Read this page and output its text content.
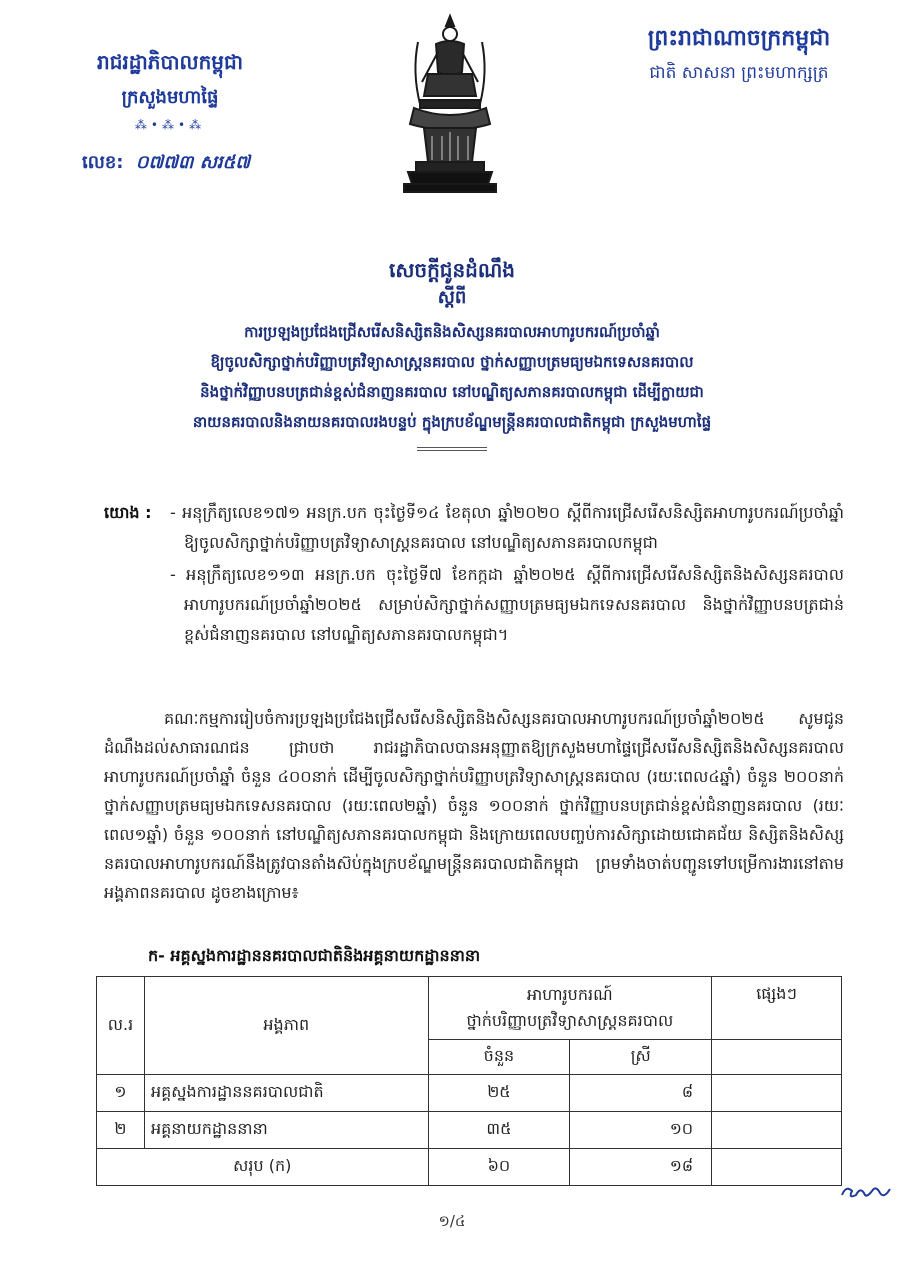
ព្រះរាជាណាចក្រកម្ពុជា
ជាតិ សាសនា ព្រះមហាក្សត្រ
រាជរដ្ឋាភិបាលកម្ពុជា
ក្រសួងមហាផ្ទៃ
⁂•⁂•⁂
លេខ: ០៧៧៣ សរ៥៧
សេចក្ដីជូនដំណឹង
ស្ដីពី
ការប្រឡងប្រជែងជ្រើសរើសនិស្សិតនិងសិស្សនគរបាលអាហារូបករណ៍ប្រចាំឆ្នាំ
ឱ្យចូលសិក្សាថ្នាក់បរិញ្ញាបត្រវិទ្យាសាស្ត្រនគរបាល ថ្នាក់សញ្ញាបត្រមធ្យមឯកទេសនគរបាល
និងថ្នាក់វិញ្ញាបនបត្រជាន់ខ្ពស់ជំនាញនគរបាល នៅបណ្ឌិត្យសភានគរបាលកម្ពុជា ដើម្បីក្លាយជា
នាយនគរបាលនិងនាយនគរបាលរងបន្ទប់ ក្នុងក្របខ័ណ្ឌមន្ត្រីនគរបាលជាតិកម្ពុជា ក្រសួងមហាផ្ទៃ
យោង :	- អនុក្រឹត្យលេខ១៧១ អនក្រ.បក ចុះថ្ងៃទី១៤ ខែតុលា ឆ្នាំ២០២០ ស្ដីពីការជ្រើសរើសនិស្សិតអាហារូបករណ៍ប្រចាំឆ្នាំ ឱ្យចូលសិក្សាថ្នាក់បរិញ្ញាបត្រវិទ្យាសាស្ត្រនគរបាល នៅបណ្ឌិត្យសភានគរបាលកម្ពុជា
- អនុក្រឹត្យលេខ១១៣ អនក្រ.បក ចុះថ្ងៃទី៧ ខែកក្កដា ឆ្នាំ២០២៥ ស្ដីពីការជ្រើសរើសនិស្សិតនិងសិស្សនគរបាលអាហារូបករណ៍ប្រចាំឆ្នាំ២០២៥ សម្រាប់សិក្សាថ្នាក់សញ្ញាបត្រមធ្យមឯកទេសនគរបាល និងថ្នាក់វិញ្ញាបនបត្រជាន់ខ្ពស់ជំនាញនគរបាល នៅបណ្ឌិត្យសភានគរបាលកម្ពុជា។
គណៈកម្មការរៀបចំការប្រឡងប្រជែងជ្រើសរើសនិស្សិតនិងសិស្សនគរបាលអាហារូបករណ៍ប្រចាំឆ្នាំ២០២៥ សូមជូនដំណឹងដល់សាធារណជន ជ្រាបថា រាជរដ្ឋាភិបាលបានអនុញ្ញាតឱ្យក្រសួងមហាផ្ទៃជ្រើសរើសនិស្សិតនិងសិស្សនគរបាលអាហារូបករណ៍ប្រចាំឆ្នាំ ចំនួន ៤០០នាក់ ដើម្បីចូលសិក្សាថ្នាក់បរិញ្ញាបត្រវិទ្យាសាស្ត្រនគរបាល (រយៈពេល៤ឆ្នាំ) ចំនួន ២០០នាក់ ថ្នាក់សញ្ញាបត្រមធ្យមឯកទេសនគរបាល (រយៈពេល២ឆ្នាំ) ចំនួន ១០០នាក់ ថ្នាក់វិញ្ញាបនបត្រជាន់ខ្ពស់ជំនាញនគរបាល (រយៈពេល១ឆ្នាំ) ចំនួន ១០០នាក់ នៅបណ្ឌិត្យសភានគរបាលកម្ពុជា និងក្រោយពេលបញ្ចប់ការសិក្សាដោយជោគជ័យ និស្សិតនិងសិស្សនគរបាលអាហារូបករណ៍នឹងត្រូវបានតាំងស៊ប់ក្នុងក្របខ័ណ្ឌមន្ត្រីនគរបាលជាតិកម្ពុជា ព្រមទាំងចាត់បញ្ជូនទៅបម្រើការងារនៅតាមអង្គភាពនគរបាល ដូចខាងក្រោម៖
ក- អគ្គស្នងការដ្ឋាននគរបាលជាតិនិងអគ្គនាយកដ្ឋាននានា
ល.រ	អង្គភាព	អាហារូបករណ៍
ថ្នាក់បរិញ្ញាបត្រវិទ្យាសាស្ត្រនគរបាល		ផ្សេងៗ
		ចំនួន	ស្រី	
១	អគ្គស្នងការដ្ឋាននគរបាលជាតិ	២៥	៨	
២	អគ្គនាយកដ្ឋាននានា	៣៥	១០	
សរុប (ក)		៦០	១៨	
១/៤
